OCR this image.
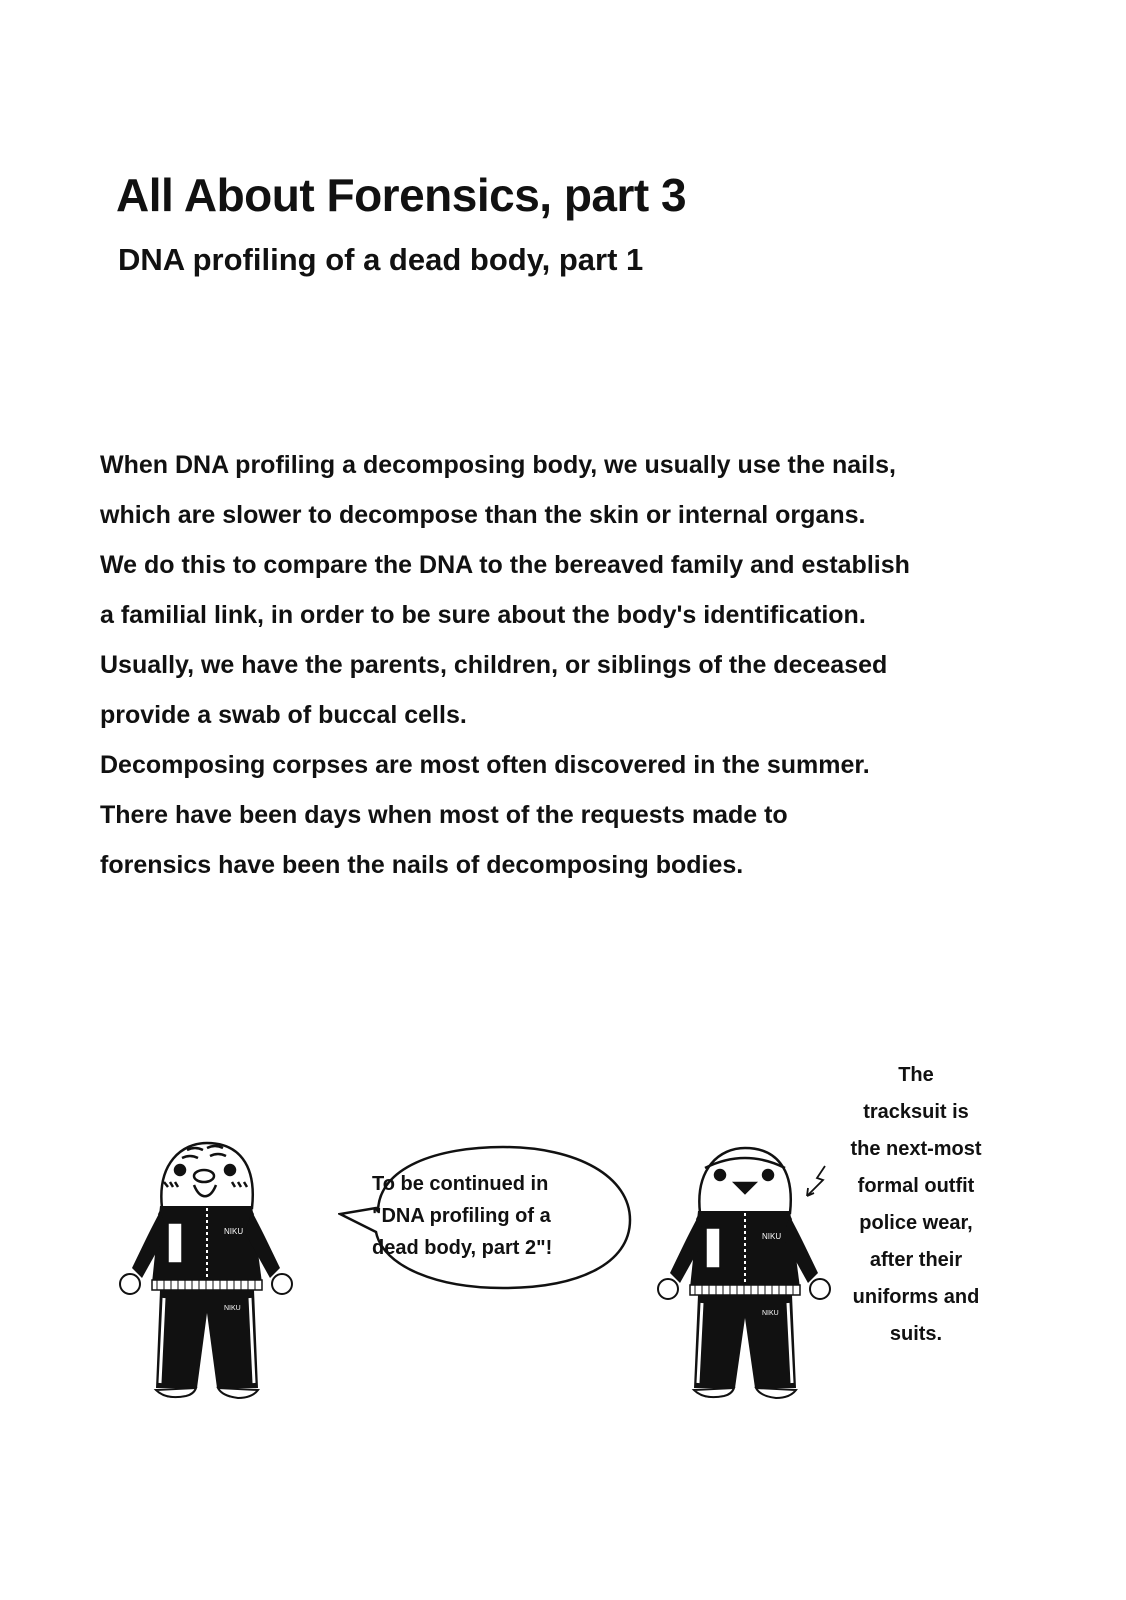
All About Forensics, part 3
DNA profiling of a dead body, part 1
When DNA profiling a decomposing body, we usually use the nails,
which are slower to decompose than the skin or internal organs.
We do this to compare the DNA to the bereaved family and establish
a familial link, in order to be sure about the body's identification.
Usually, we have the parents, children, or siblings of the deceased
provide a swab of buccal cells.
Decomposing corpses are most often discovered in the summer.
There have been days when most of the requests made to
forensics have been the nails of decomposing bodies.
NIKU
NIKU
To be continued in
"DNA profiling of a
dead body, part 2"!
NIKU
NIKU
The
tracksuit is
the next-most
formal outfit
police wear,
after their
uniforms and
suits.
